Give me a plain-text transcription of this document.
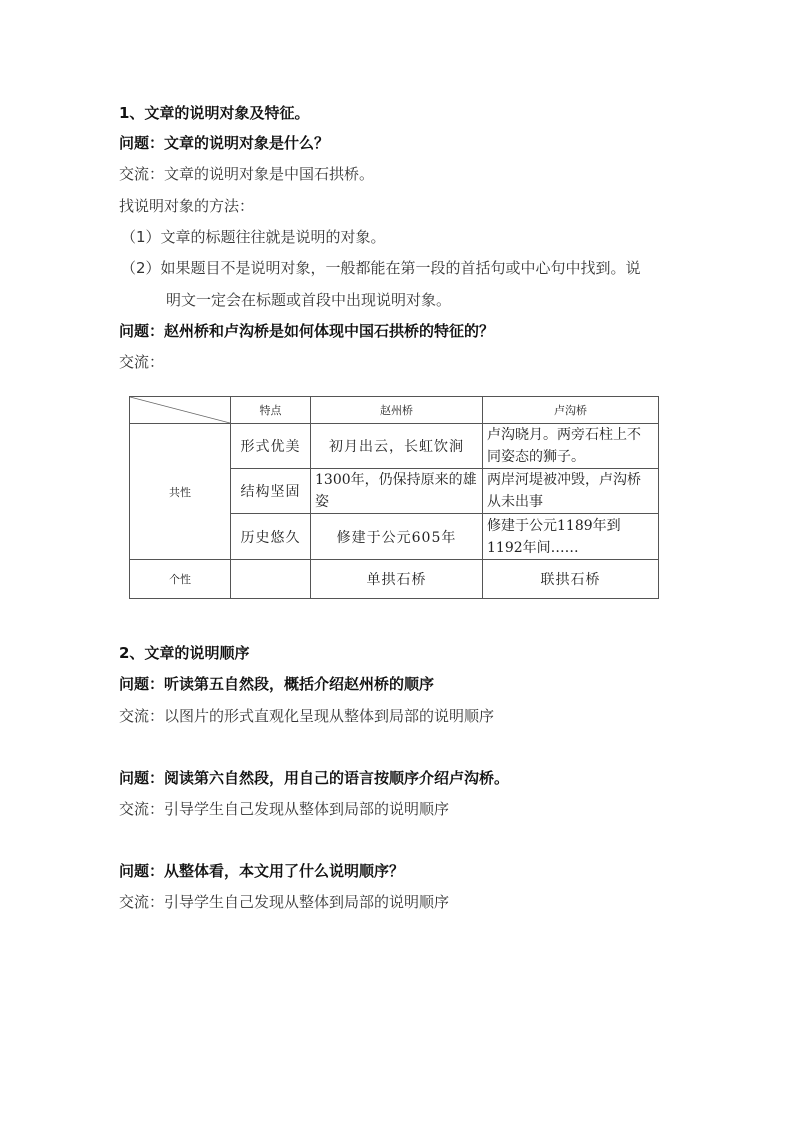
1、文章的说明对象及特征。
问题：文章的说明对象是什么？
交流：文章的说明对象是中国石拱桥。
找说明对象的方法：
（1）文章的标题往往就是说明的对象。
（2）如果题目不是说明对象，一般都能在第一段的首括句或中心句中找到。说
明文一定会在标题或首段中出现说明对象。
问题：赵州桥和卢沟桥是如何体现中国石拱桥的特征的？
交流：
	特点	赵州桥	卢沟桥
共性	形式优美	初月出云，长虹饮涧	卢沟晓月。两旁石柱上不同姿态的狮子。
	结构坚固	1300年，仍保持原来的雄姿	两岸河堤被冲毁，卢沟桥从未出事
	历史悠久	修建于公元605年	修建于公元1189年到1192年间……
个性		单拱石桥	联拱石桥
2、文章的说明顺序
问题：听读第五自然段，概括介绍赵州桥的顺序
交流：以图片的形式直观化呈现从整体到局部的说明顺序
问题：阅读第六自然段，用自己的语言按顺序介绍卢沟桥。
交流：引导学生自己发现从整体到局部的说明顺序
问题：从整体看，本文用了什么说明顺序？
交流：引导学生自己发现从整体到局部的说明顺序
